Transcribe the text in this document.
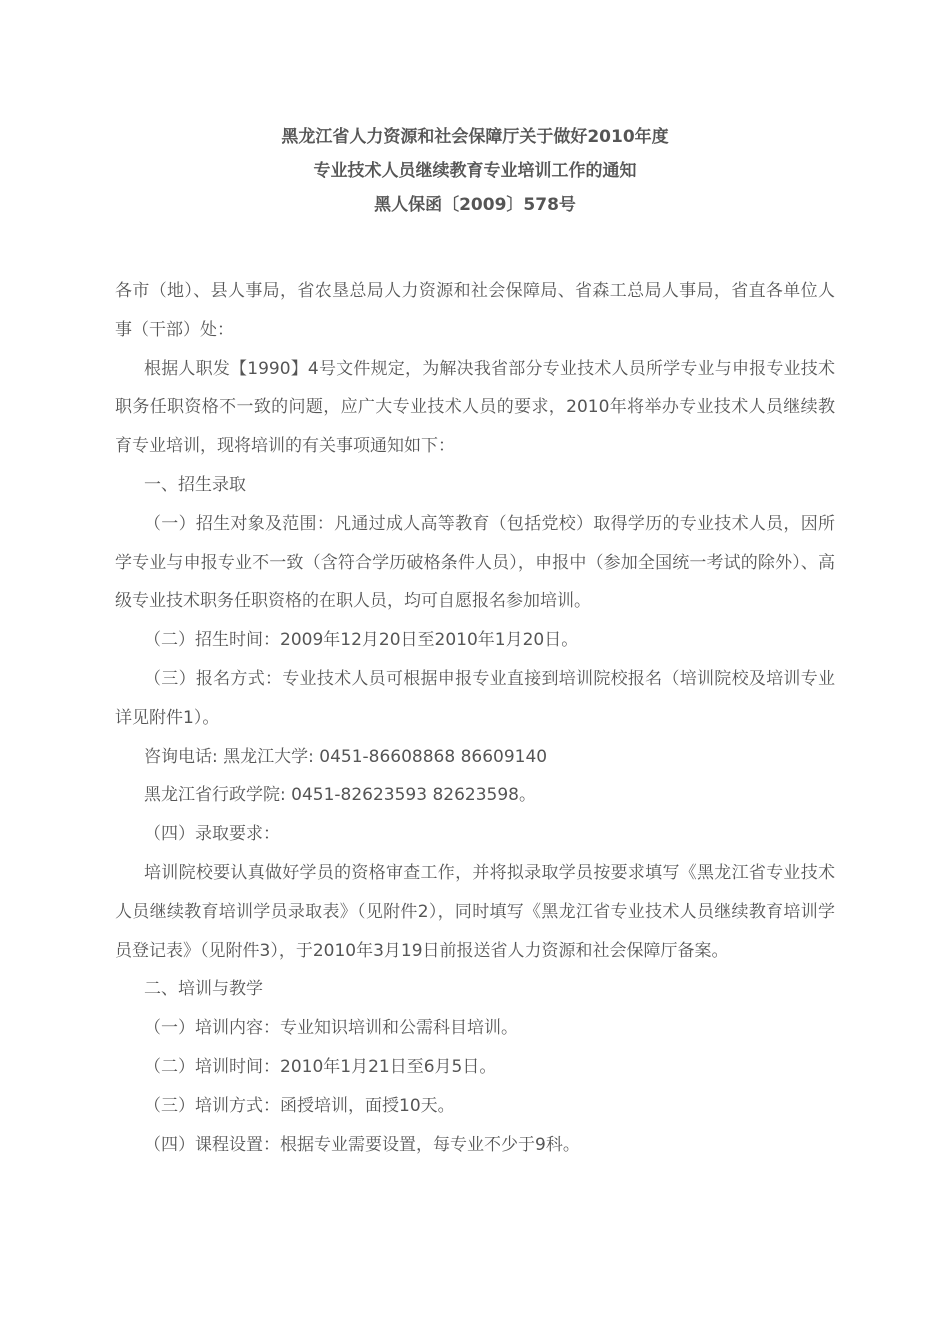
黑龙江省人力资源和社会保障厅关于做好2010年度
专业技术人员继续教育专业培训工作的通知
黑人保函〔2009〕578号

各市（地）、县人事局，省农垦总局人力资源和社会保障局、省森工总局人事局，省直各单位人事（干部）处：

根据人职发【1990】4号文件规定，为解决我省部分专业技术人员所学专业与申报专业技术职务任职资格不一致的问题，应广大专业技术人员的要求，2010年将举办专业技术人员继续教育专业培训，现将培训的有关事项通知如下：

一、招生录取

（一）招生对象及范围：凡通过成人高等教育（包括党校）取得学历的专业技术人员，因所学专业与申报专业不一致（含符合学历破格条件人员），申报中（参加全国统一考试的除外）、高级专业技术职务任职资格的在职人员，均可自愿报名参加培训。

（二）招生时间：2009年12月20日至2010年1月20日。

（三）报名方式：专业技术人员可根据申报专业直接到培训院校报名（培训院校及培训专业详见附件1）。

咨询电话: 黑龙江大学: 0451-86608868 86609140

黑龙江省行政学院: 0451-82623593 82623598。

（四）录取要求：

培训院校要认真做好学员的资格审查工作，并将拟录取学员按要求填写《黑龙江省专业技术人员继续教育培训学员录取表》（见附件2），同时填写《黑龙江省专业技术人员继续教育培训学员登记表》（见附件3），于2010年3月19日前报送省人力资源和社会保障厅备案。

二、培训与教学

（一）培训内容：专业知识培训和公需科目培训。

（二）培训时间：2010年1月21日至6月5日。

（三）培训方式：函授培训，面授10天。

（四）课程设置：根据专业需要设置，每专业不少于9科。
